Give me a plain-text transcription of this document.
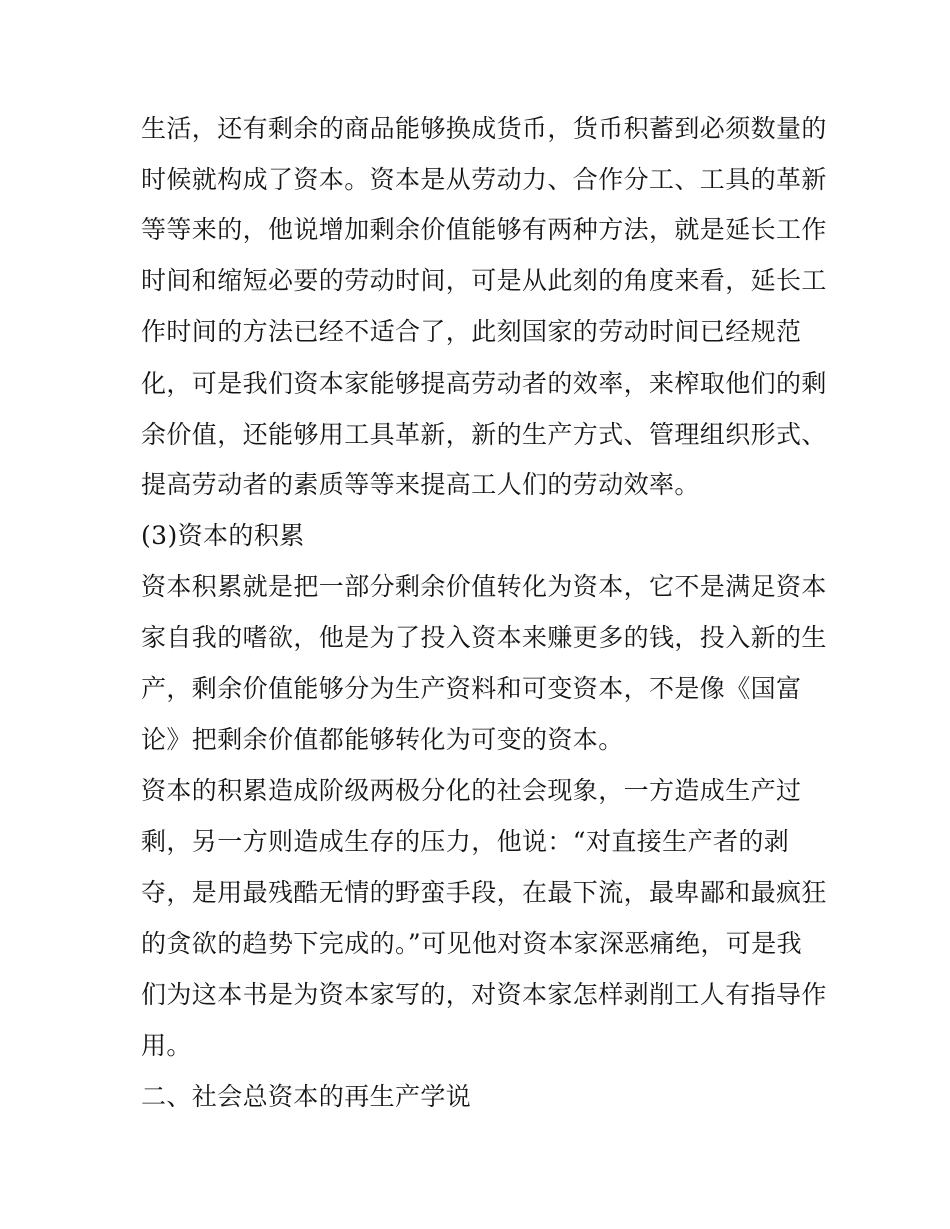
生活，还有剩余的商品能够换成货币，货币积蓄到必须数量的
时候就构成了资本。资本是从劳动力、合作分工、工具的革新
等等来的，他说增加剩余价值能够有两种方法，就是延长工作
时间和缩短必要的劳动时间，可是从此刻的角度来看，延长工
作时间的方法已经不适合了，此刻国家的劳动时间已经规范
化，可是我们资本家能够提高劳动者的效率，来榨取他们的剩
余价值，还能够用工具革新，新的生产方式、管理组织形式、
提高劳动者的素质等等来提高工人们的劳动效率。
(3)资本的积累
资本积累就是把一部分剩余价值转化为资本，它不是满足资本
家自我的嗜欲，他是为了投入资本来赚更多的钱，投入新的生
产，剩余价值能够分为生产资料和可变资本，不是像《国富
论》把剩余价值都能够转化为可变的资本。
资本的积累造成阶级两极分化的社会现象，一方造成生产过
剩，另一方则造成生存的压力，他说：“对直接生产者的剥
夺，是用最残酷无情的野蛮手段，在最下流，最卑鄙和最疯狂
的贪欲的趋势下完成的。”可见他对资本家深恶痛绝，可是我
们为这本书是为资本家写的，对资本家怎样剥削工人有指导作
用。
二、社会总资本的再生产学说
